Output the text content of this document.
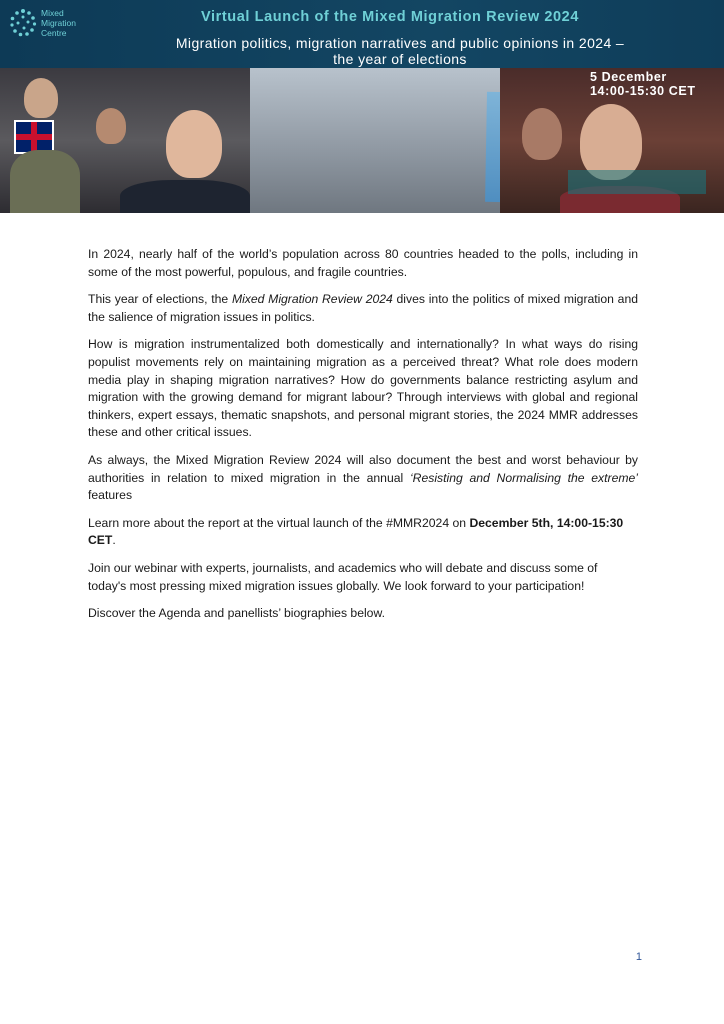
Mixed
Migration
Centre
Virtual Launch of the Mixed Migration Review 2024
Migration politics, migration narratives and public opinions in 2024 –
the year of elections
5 December
14:00-15:30 CET

In 2024, nearly half of the world’s population across 80 countries headed to the polls, including in some of the most powerful, populous, and fragile countries.

This year of elections, the Mixed Migration Review 2024 dives into the politics of mixed migration and the salience of migration issues in politics.

How is migration instrumentalized both domestically and internationally? In what ways do rising populist movements rely on maintaining migration as a perceived threat? What role does modern media play in shaping migration narratives? How do governments balance restricting asylum and migration with the growing demand for migrant labour? Through interviews with global and regional thinkers, expert essays, thematic snapshots, and personal migrant stories, the 2024 MMR addresses these and other critical issues.

As always, the Mixed Migration Review 2024 will also document the best and worst behaviour by authorities in relation to mixed migration in the annual ‘Resisting and Normalising the extreme’ features

Learn more about the report at the virtual launch of the #MMR2024 on December 5th, 14:00-15:30 CET.

Join our webinar with experts, journalists, and academics who will debate and discuss some of today's most pressing mixed migration issues globally. We look forward to your participation!

Discover the Agenda and panellists’ biographies below.

1
